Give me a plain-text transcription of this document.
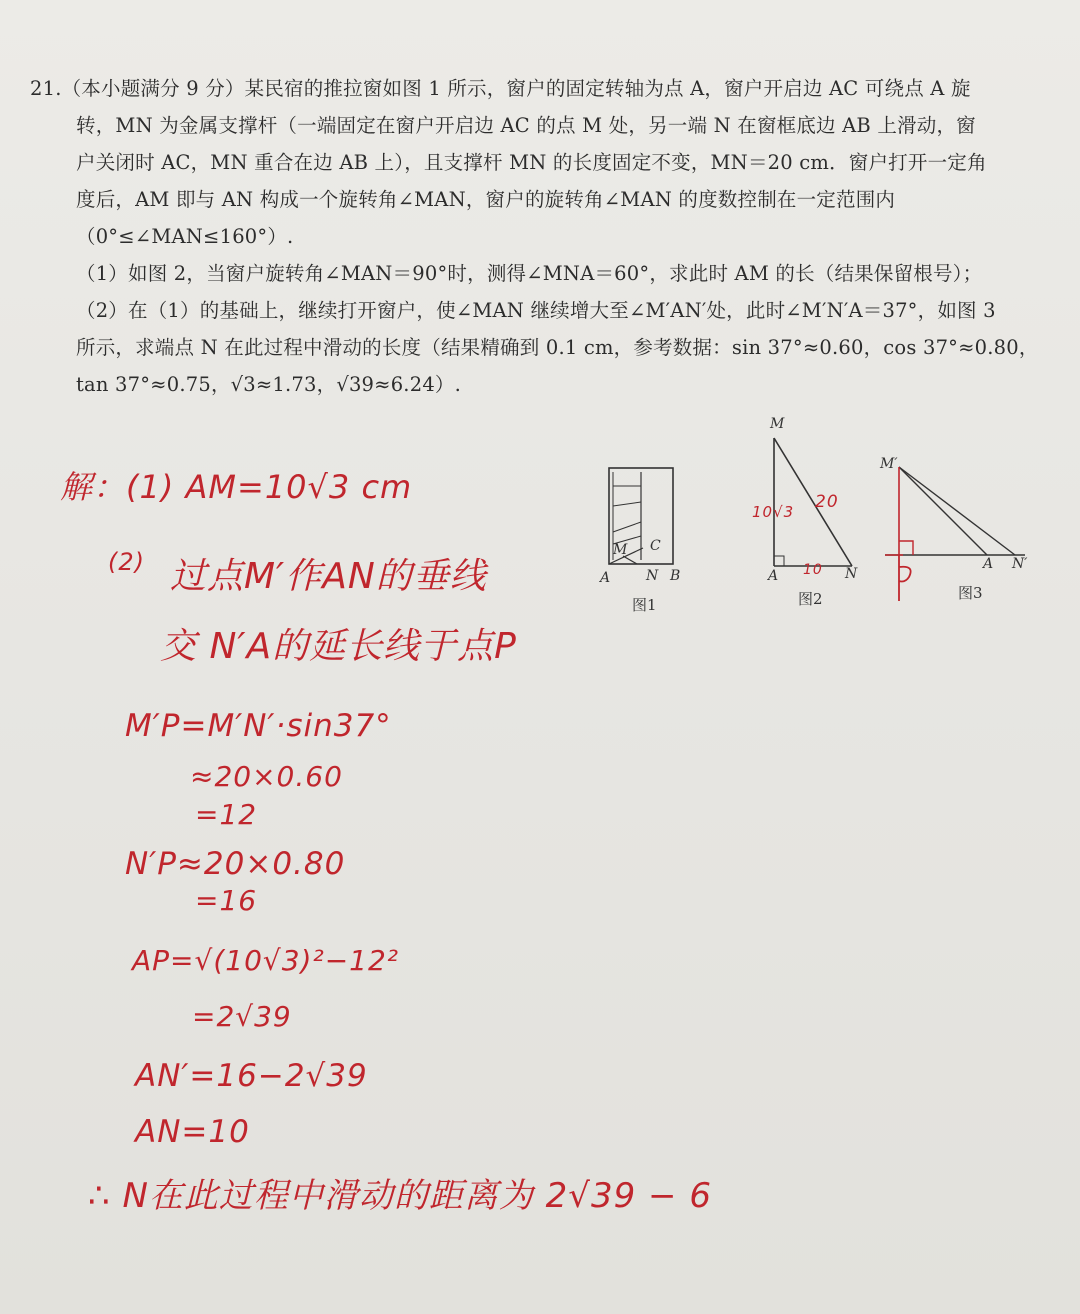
21.（本小题满分 9 分）某民宿的推拉窗如图 1 所示，窗户的固定转轴为点 A，窗户开启边 AC 可绕点 A 旋
转，MN 为金属支撑杆（一端固定在窗户开启边 AC 的点 M 处，另一端 N 在窗框底边 AB 上滑动，窗
户关闭时 AC，MN 重合在边 AB 上），且支撑杆 MN 的长度固定不变，MN＝20 cm．窗户打开一定角
度后，AM 即与 AN 构成一个旋转角∠MAN，窗户的旋转角∠MAN 的度数控制在一定范围内
（0°≤∠MAN≤160°）.
（1）如图 2，当窗户旋转角∠MAN＝90°时，测得∠MNA＝60°，求此时 AM 的长（结果保留根号）；
（2）在（1）的基础上，继续打开窗户，使∠MAN 继续增大至∠M′AN′处，此时∠M′N′A＝37°，如图 3
所示，求端点 N 在此过程中滑动的长度（结果精确到 0.1 cm，参考数据：sin 37°≈0.60，cos 37°≈0.80，
tan 37°≈0.75，√3≈1.73，√39≈6.24）.
A	N B
M C
图1
M
A	N
10√3 20
10
图2
M′
A N′
图3
解：(1) AM=10√3 cm
(2) 过点M′作AN的垂线
交 N′A的延长线于点P
M′P=M′N′·sin37°
≈20×0.60
=12
N′P≈20×0.80
=16
AP=√(10√3)²−12²
=2√39
AN′=16−2√39
AN=10
∴ N在此过程中滑动的距离为 2√39 − 6
